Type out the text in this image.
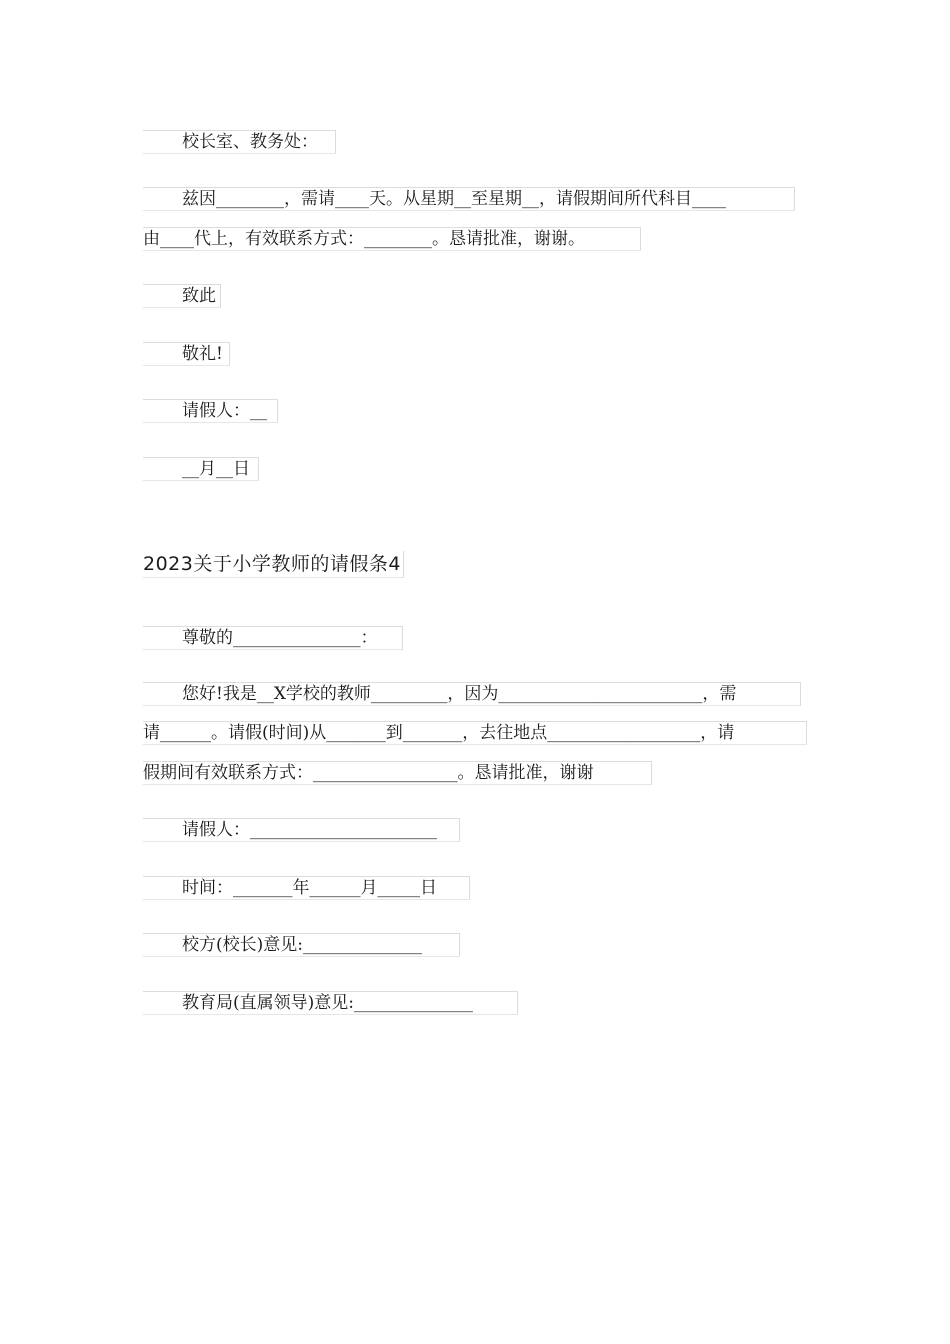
校长室、教务处：
兹因________，需请____天。从星期__至星期__，请假期间所代科目____
由____代上，有效联系方式：________。恳请批准，谢谢。
致此
敬礼!
请假人：__
__月__日
2023关于小学教师的请假条4
尊敬的_______________：
您好!我是__X学校的教师_________，因为________________________，需
请______。请假(时间)从_______到_______，去往地点__________________，请
假期间有效联系方式：_________________。恳请批准，谢谢
请假人：______________________
时间：_______年______月_____日
校方(校长)意见:______________
教育局(直属领导)意见:______________
